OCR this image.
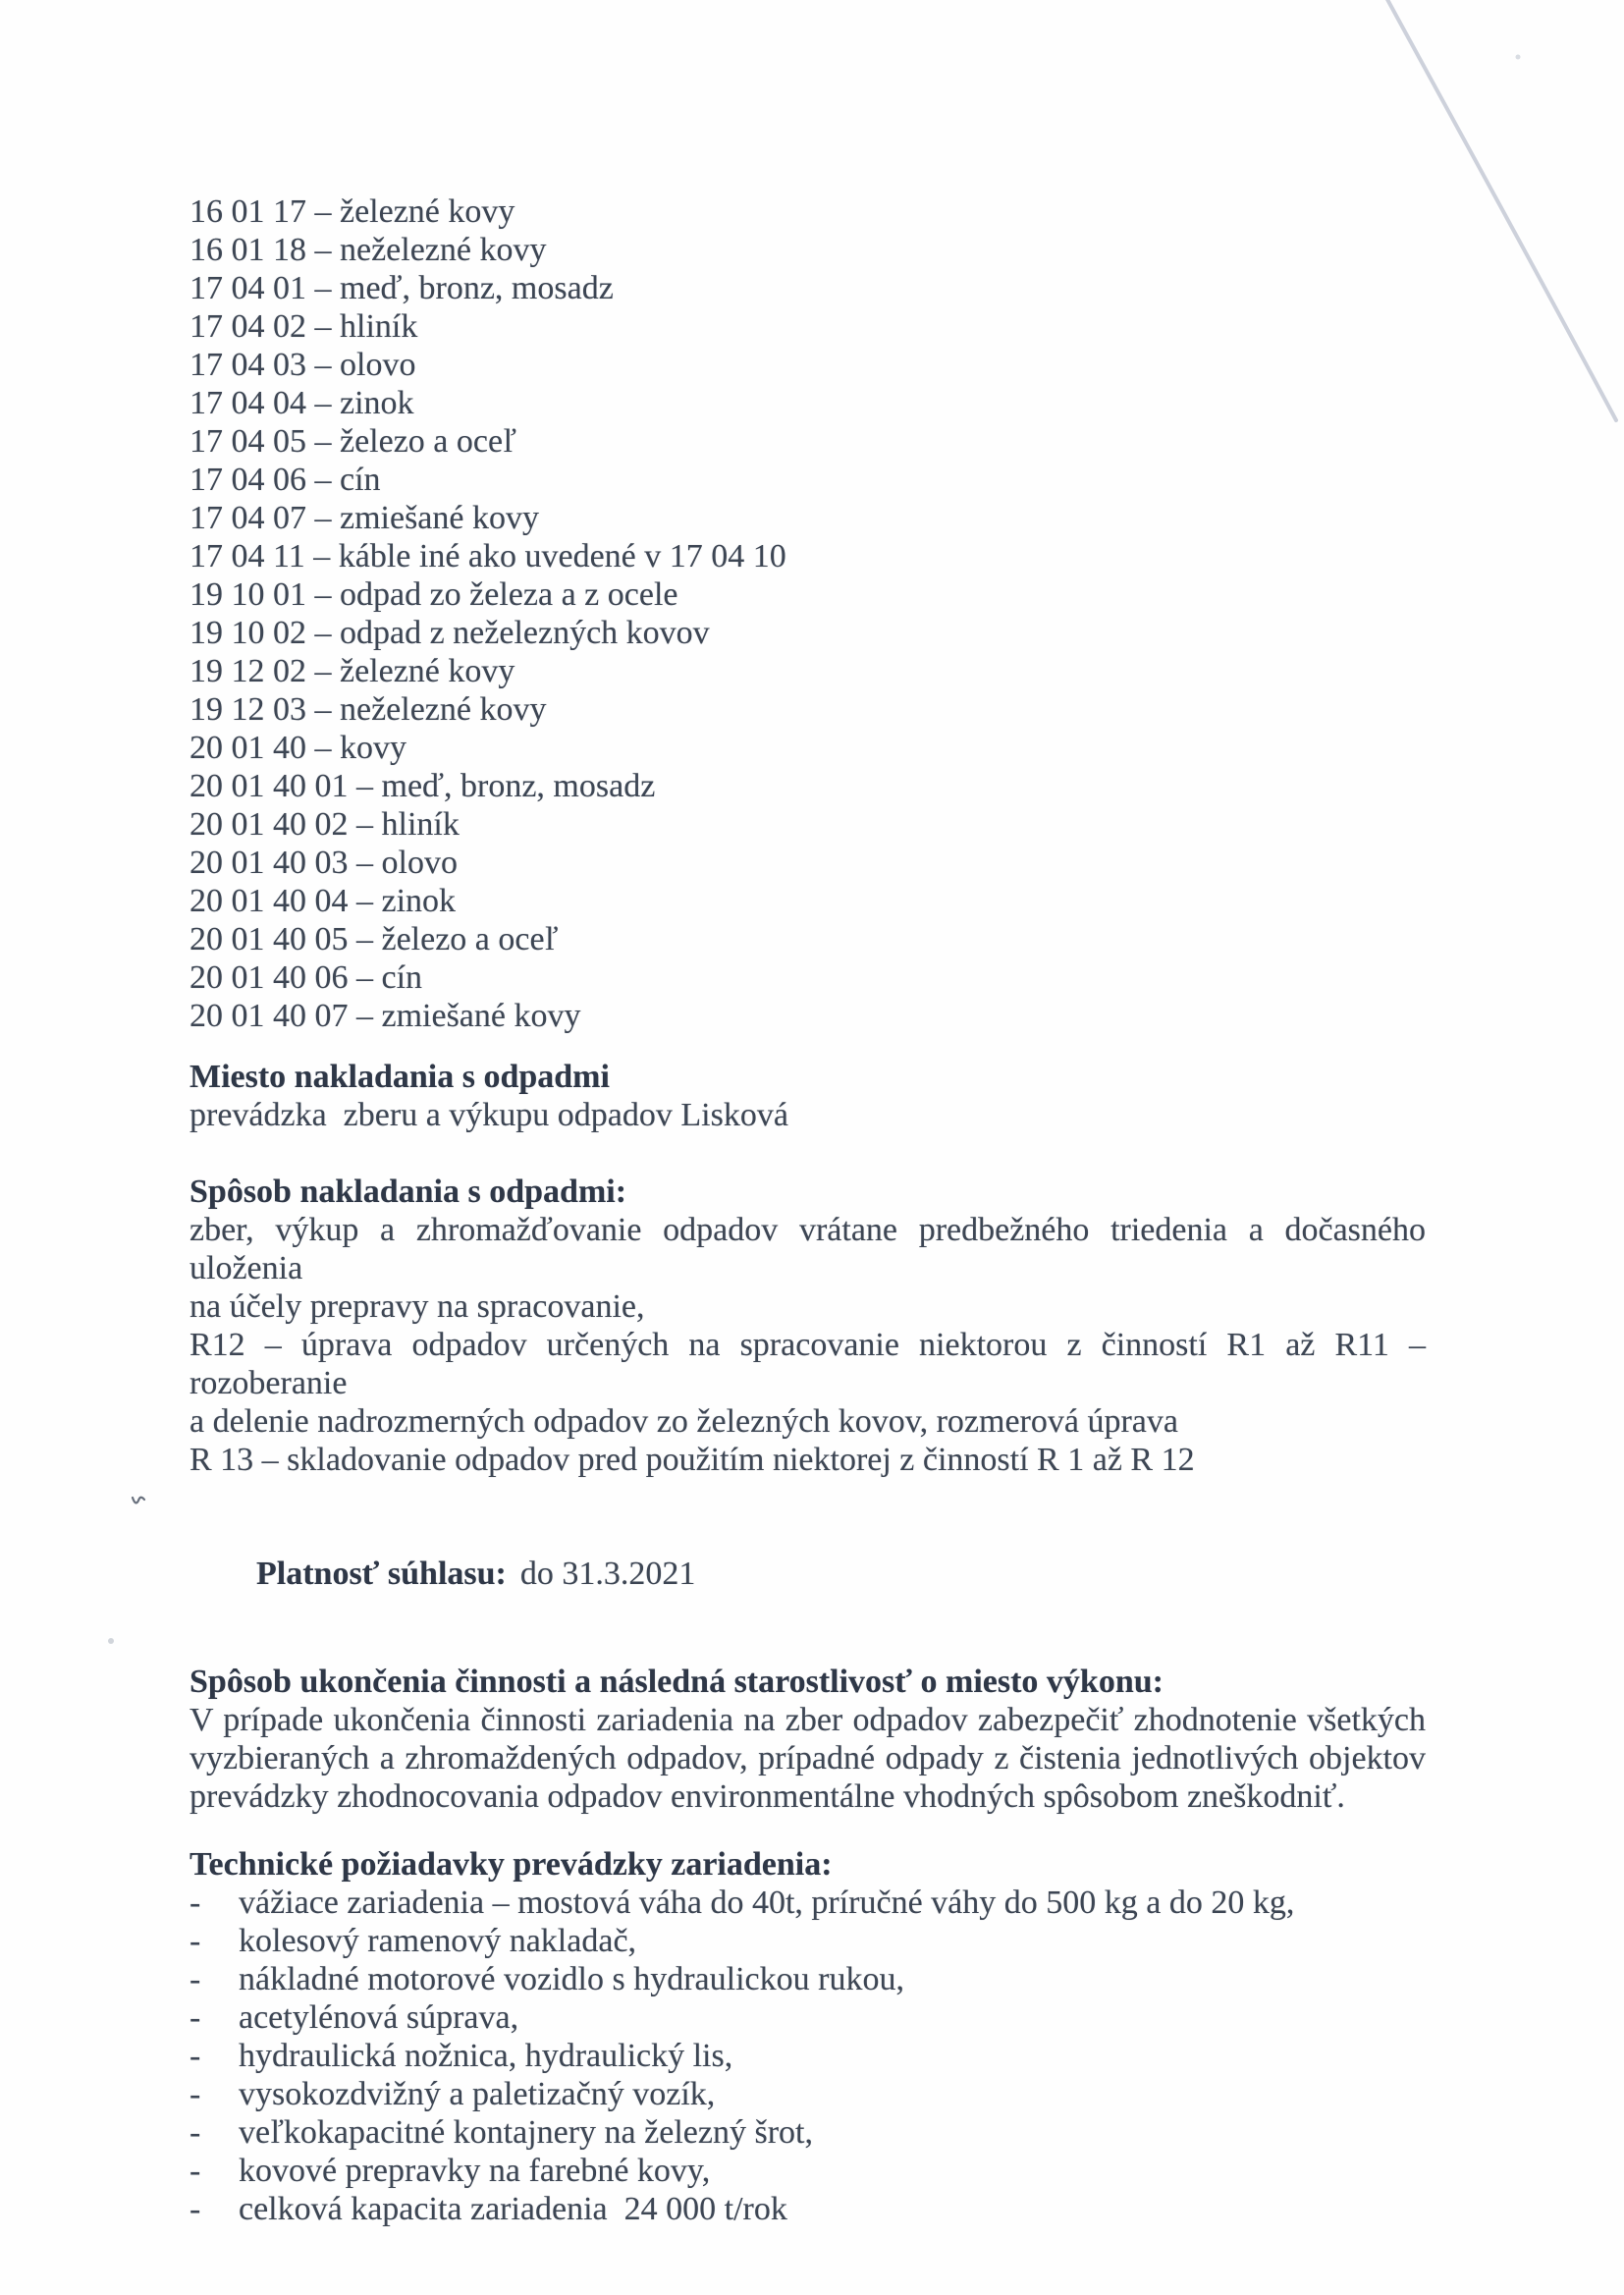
16 01 17 – železné kovy
16 01 18 – neželezné kovy
17 04 01 – meď, bronz, mosadz
17 04 02 – hliník
17 04 03 – olovo
17 04 04 – zinok
17 04 05 – železo a oceľ
17 04 06 – cín
17 04 07 – zmiešané kovy
17 04 11 – káble iné ako uvedené v 17 04 10
19 10 01 – odpad zo železa a z ocele
19 10 02 – odpad z neželezných kovov
19 12 02 – železné kovy
19 12 03 – neželezné kovy
20 01 40 – kovy
20 01 40 01 – meď, bronz, mosadz
20 01 40 02 – hliník
20 01 40 03 – olovo
20 01 40 04 – zinok
20 01 40 05 – železo a oceľ
20 01 40 06 – cín
20 01 40 07 – zmiešané kovy
Miesto nakladania s odpadmi
prevádzka  zberu a výkupu odpadov Lisková
Spôsob nakladania s odpadmi:
zber, výkup a zhromažďovanie odpadov vrátane predbežného triedenia a dočasného uloženia
na účely prepravy na spracovanie,
R12 – úprava odpadov určených na spracovanie niektorou z činností R1 až R11 – rozoberanie
a delenie nadrozmerných odpadov zo železných kovov, rozmerová úprava
R 13 – skladovanie odpadov pred použitím niektorej z činností R 1 až R 12

Platnosť súhlasu: do 31.3.2021

Spôsob ukončenia činnosti a následná starostlivosť o miesto výkonu:
V prípade ukončenia činnosti zariadenia na zber odpadov zabezpečiť zhodnotenie všetkých
vyzbieraných a zhromaždených odpadov, prípadné odpady z čistenia jednotlivých objektov
prevádzky zhodnocovania odpadov environmentálne vhodných spôsobom zneškodniť.
Technické požiadavky prevádzky zariadenia:
-	vážiace zariadenia – mostová váha do 40t, príručné váhy do 500 kg a do 20 kg,
-	kolesový ramenový nakladač,
-	nákladné motorové vozidlo s hydraulickou rukou,
-	acetylénová súprava,
-	hydraulická nožnica, hydraulický lis,
-	vysokozdvižný a paletizačný vozík,
-	veľkokapacitné kontajnery na železný šrot,
-	kovové prepravky na farebné kovy,
-	celková kapacita zariadenia  24 000 t/rok
